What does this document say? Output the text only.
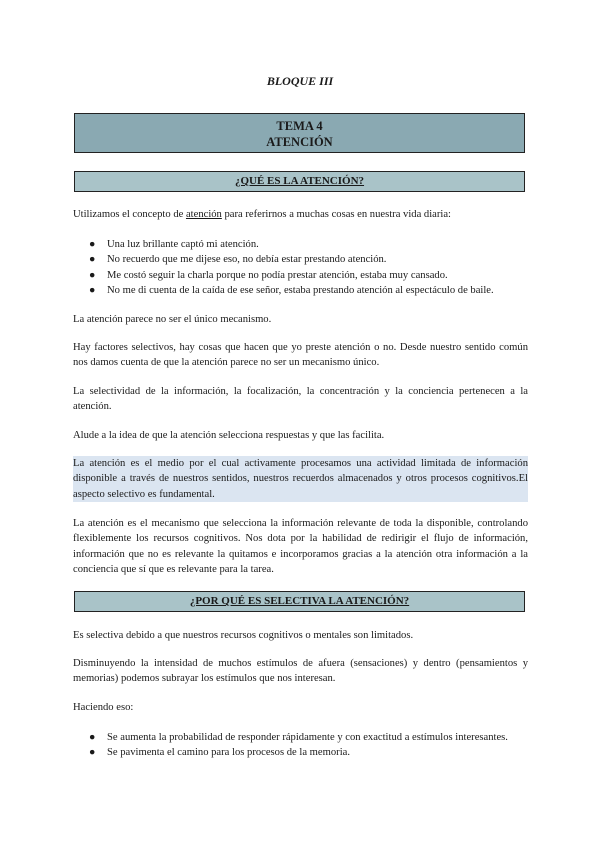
BLOQUE III
TEMA 4
ATENCIÓN
¿QUÉ ES LA ATENCIÓN?

Utilizamos el concepto de atención para referirnos a muchas cosas en nuestra vida diaria:

● Una luz brillante captó mi atención.
● No recuerdo que me dijese eso, no debía estar prestando atención.
● Me costó seguir la charla porque no podía prestar atención, estaba muy cansado.
● No me di cuenta de la caída de ese señor, estaba prestando atención al espectáculo de baile.

La atención parece no ser el único mecanismo.

Hay factores selectivos, hay cosas que hacen que yo preste atención o no. Desde nuestro sentido común nos damos cuenta de que la atención parece no ser un mecanismo único.

La selectividad de la información, la focalización, la concentración y la conciencia pertenecen a la atención.

Alude a la idea de que la atención selecciona respuestas y que las facilita.

La atención es el medio por el cual activamente procesamos una actividad limitada de información disponible a través de nuestros sentidos, nuestros recuerdos almacenados y otros procesos cognitivos.El aspecto selectivo es fundamental.

La atención es el mecanismo que selecciona la información relevante de toda la disponible, controlando flexiblemente los recursos cognitivos. Nos dota por la habilidad de redirigir el flujo de información, información que no es relevante la quitamos e incorporamos gracias a la atención otra información a la conciencia que sí que es relevante para la tarea.

¿POR QUÉ ES SELECTIVA LA ATENCIÓN?

Es selectiva debido a que nuestros recursos cognitivos o mentales son limitados.

Disminuyendo la intensidad de muchos estímulos de afuera (sensaciones) y dentro (pensamientos y memorias) podemos subrayar los estímulos que nos interesan.

Haciendo eso:

● Se aumenta la probabilidad de responder rápidamente y con exactitud a estímulos interesantes.
● Se pavimenta el camino para los procesos de la memoria.
